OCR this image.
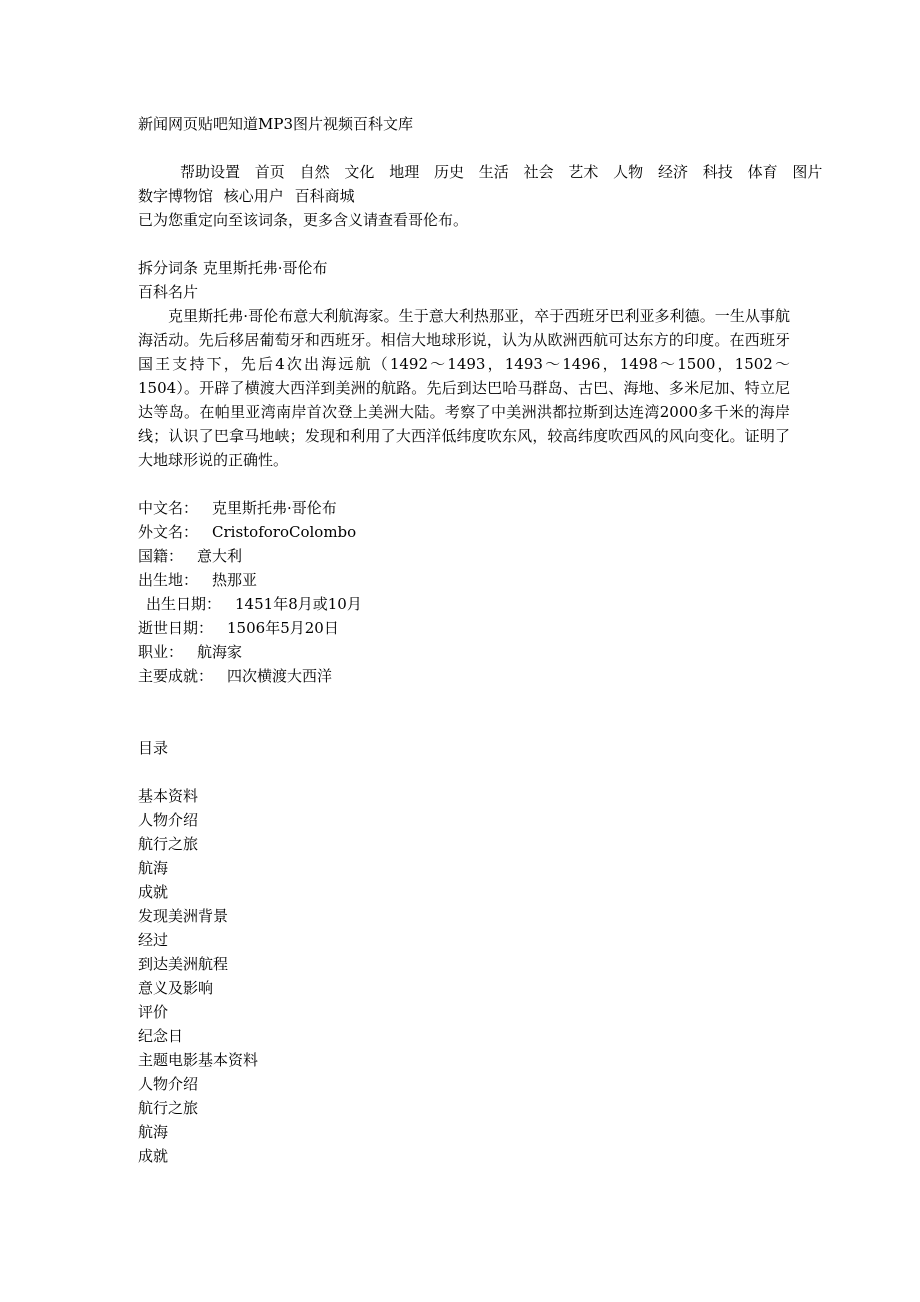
新闻网页贴吧知道MP3图片视频百科文库
帮助设置 首页 自然 文化 地理 历史 生活 社会 艺术 人物 经济 科技 体育 图片
数字博物馆 核心用户 百科商城
已为您重定向至该词条，更多含义请查看哥伦布。
拆分词条 克里斯托弗·哥伦布
百科名片
克里斯托弗·哥伦布意大利航海家。生于意大利热那亚，卒于西班牙巴利亚多利德。一生从事航海活动。先后移居葡萄牙和西班牙。相信大地球形说，认为从欧洲西航可达东方的印度。在西班牙国王支持下，先后4次出海远航（1492～1493，1493～1496，1498～1500，1502～1504）。开辟了横渡大西洋到美洲的航路。先后到达巴哈马群岛、古巴、海地、多米尼加、特立尼达等岛。在帕里亚湾南岸首次登上美洲大陆。考察了中美洲洪都拉斯到达连湾2000多千米的海岸线；认识了巴拿马地峡；发现和利用了大西洋低纬度吹东风，较高纬度吹西风的风向变化。证明了大地球形说的正确性。
中文名： 克里斯托弗·哥伦布
外文名： CristoforoColombo
国籍： 意大利
出生地： 热那亚
出生日期： 1451年8月或10月
逝世日期： 1506年5月20日
职业： 航海家
主要成就： 四次横渡大西洋
目录
基本资料
人物介绍
航行之旅
航海
成就
发现美洲背景
经过
到达美洲航程
意义及影响
评价
纪念日
主题电影基本资料
人物介绍
航行之旅
航海
成就
